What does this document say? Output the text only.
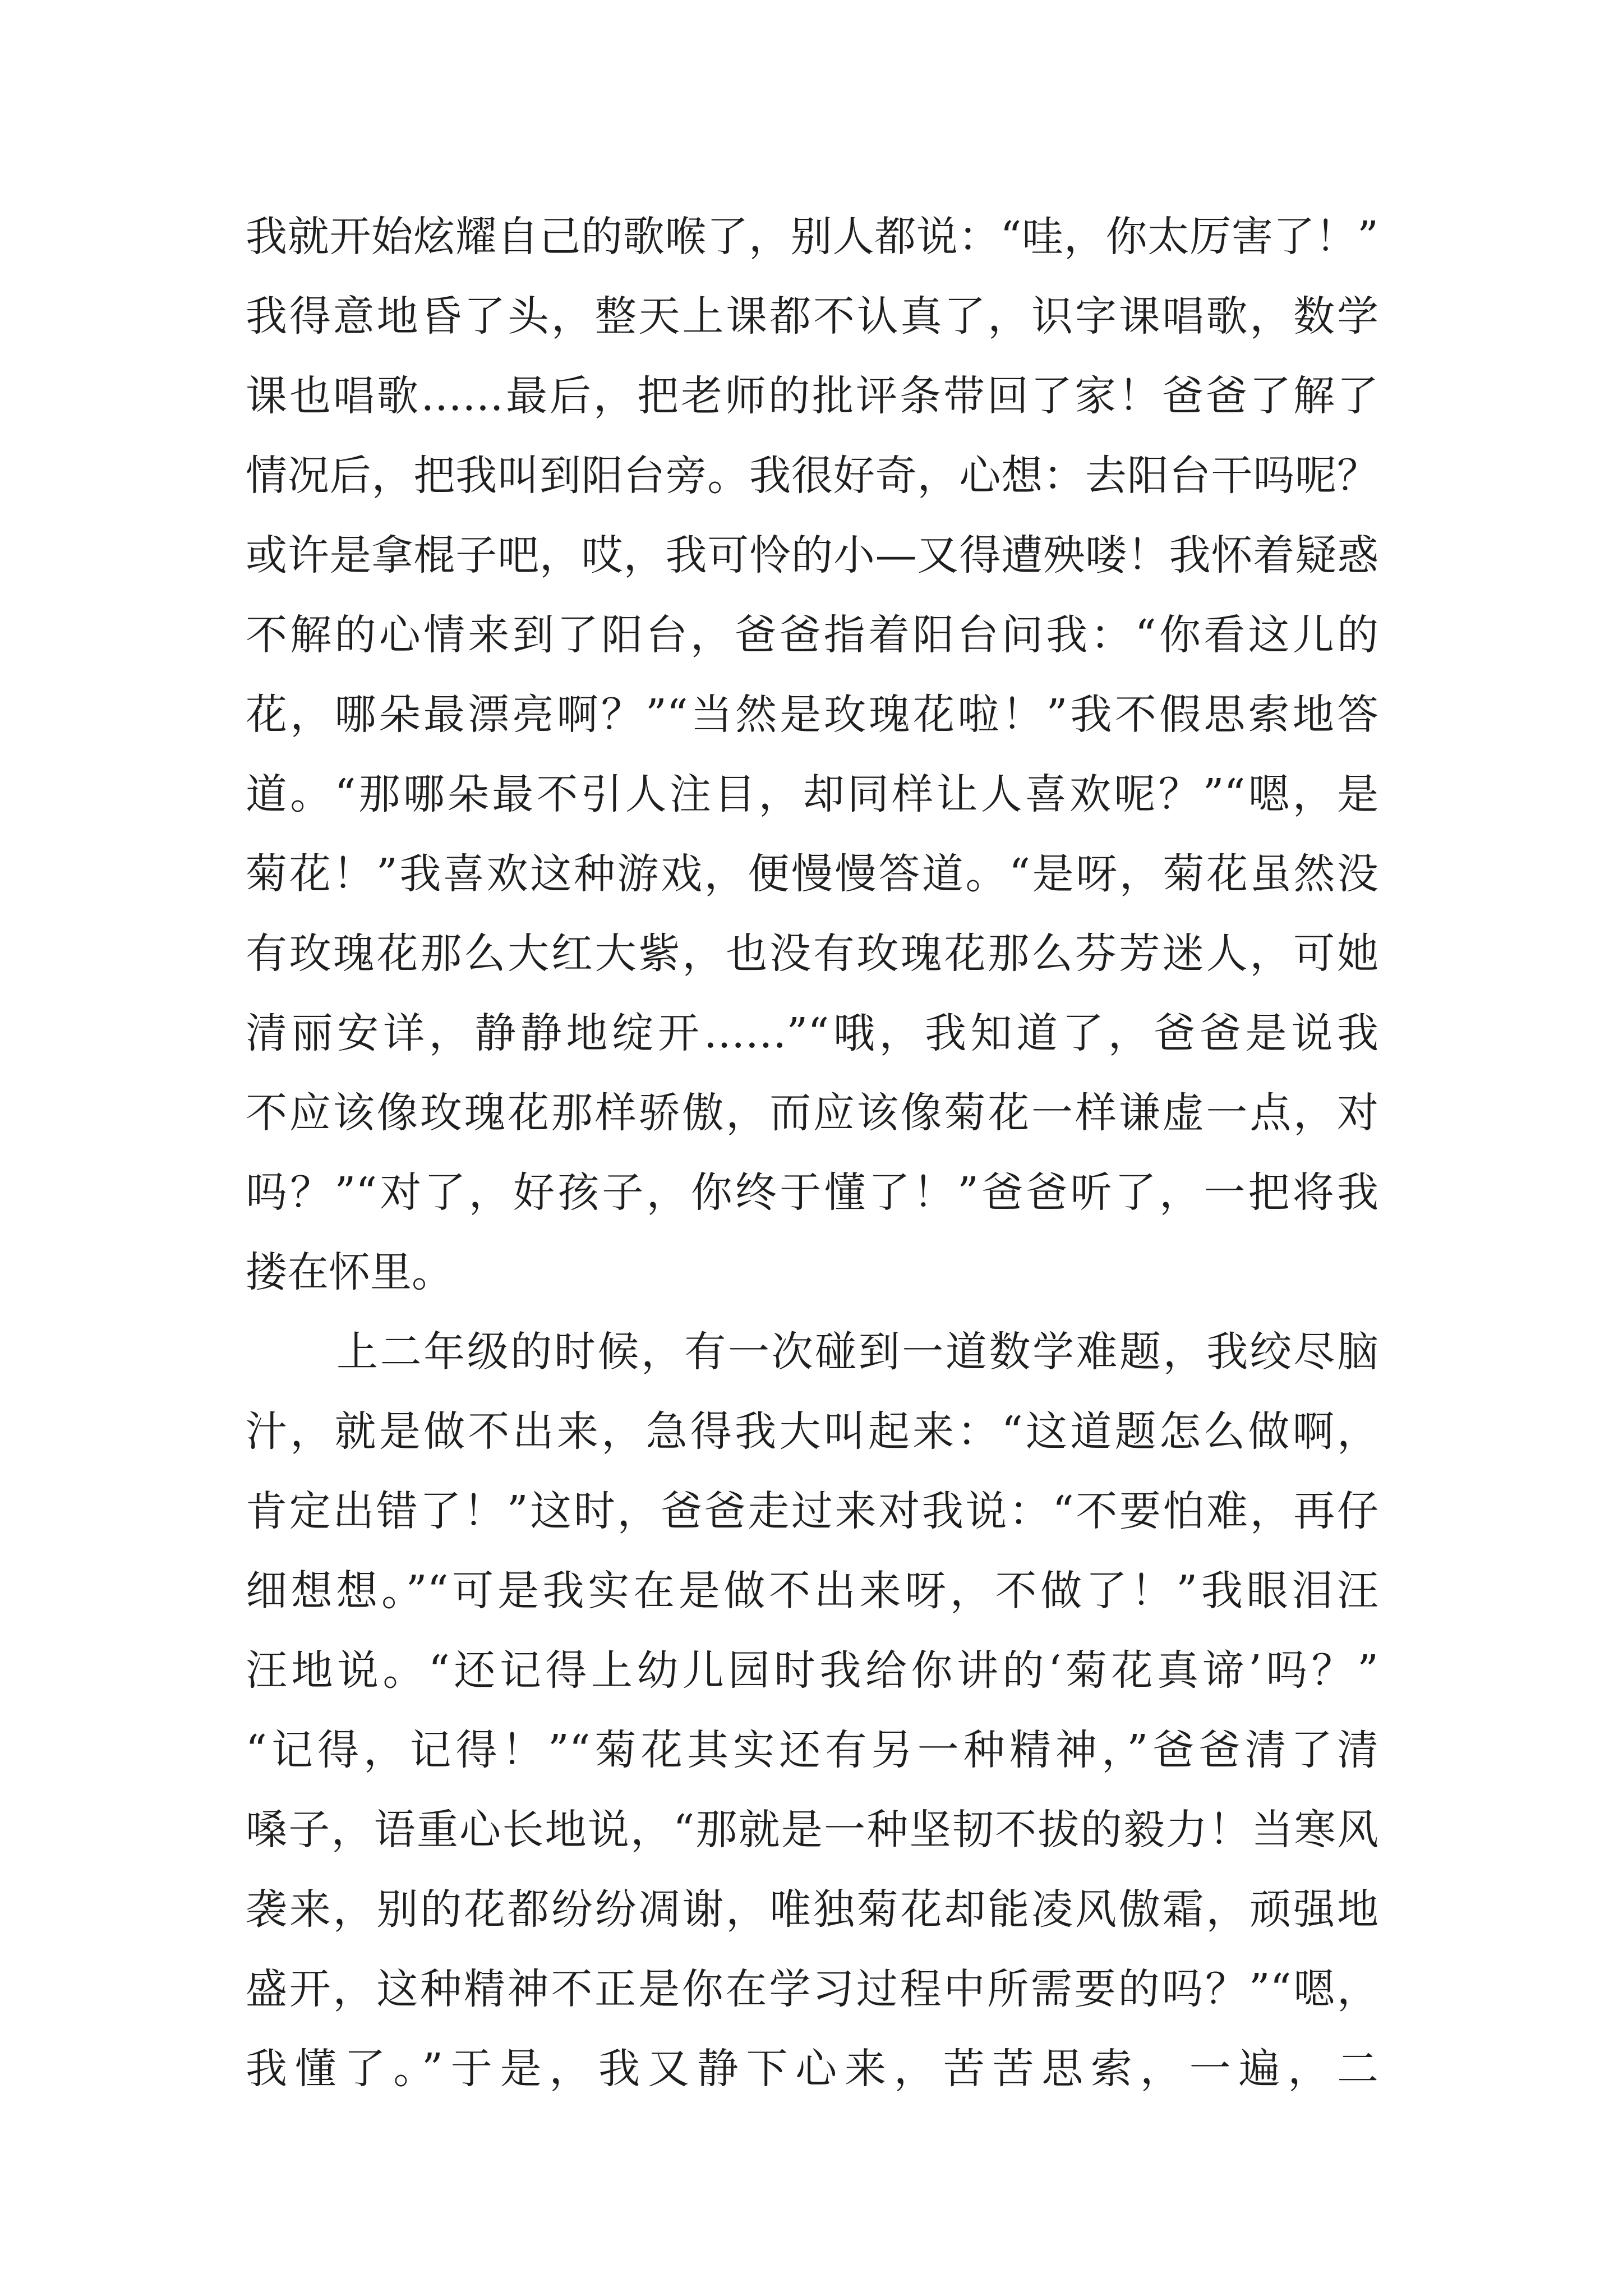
我就开始炫耀自己的歌喉了，别人都说：“哇，你太厉害了！”
我得意地昏了头，整天上课都不认真了，识字课唱歌，数学
课也唱歌……最后，把老师的批评条带回了家！爸爸了解了
情况后，把我叫到阳台旁。我很好奇，心想：去阳台干吗呢？
或许是拿棍子吧，哎，我可怜的小—又得遭殃喽！我怀着疑惑
不解的心情来到了阳台，爸爸指着阳台问我：“你看这儿的
花，哪朵最漂亮啊？”“当然是玫瑰花啦！”我不假思索地答
道。“那哪朵最不引人注目，却同样让人喜欢呢？”“嗯，是
菊花！”我喜欢这种游戏，便慢慢答道。“是呀，菊花虽然没
有玫瑰花那么大红大紫，也没有玫瑰花那么芬芳迷人，可她
清丽安详，静静地绽开……”“哦，我知道了，爸爸是说我
不应该像玫瑰花那样骄傲，而应该像菊花一样谦虚一点，对
吗？”“对了，好孩子，你终于懂了！”爸爸听了，一把将我
搂在怀里。
上二年级的时候，有一次碰到一道数学难题，我绞尽脑
汁，就是做不出来，急得我大叫起来：“这道题怎么做啊，
肯定出错了！”这时，爸爸走过来对我说：“不要怕难，再仔
细想想。”“可是我实在是做不出来呀，不做了！”我眼泪汪
汪地说。“还记得上幼儿园时我给你讲的‘菊花真谛’吗？”
“记得，记得！”“菊花其实还有另一种精神，”爸爸清了清
嗓子，语重心长地说，“那就是一种坚韧不拔的毅力！当寒风
袭来，别的花都纷纷凋谢，唯独菊花却能凌风傲霜，顽强地
盛开，这种精神不正是你在学习过程中所需要的吗？”“嗯，
我懂了。”于是，我又静下心来，苦苦思索，一遍，二
